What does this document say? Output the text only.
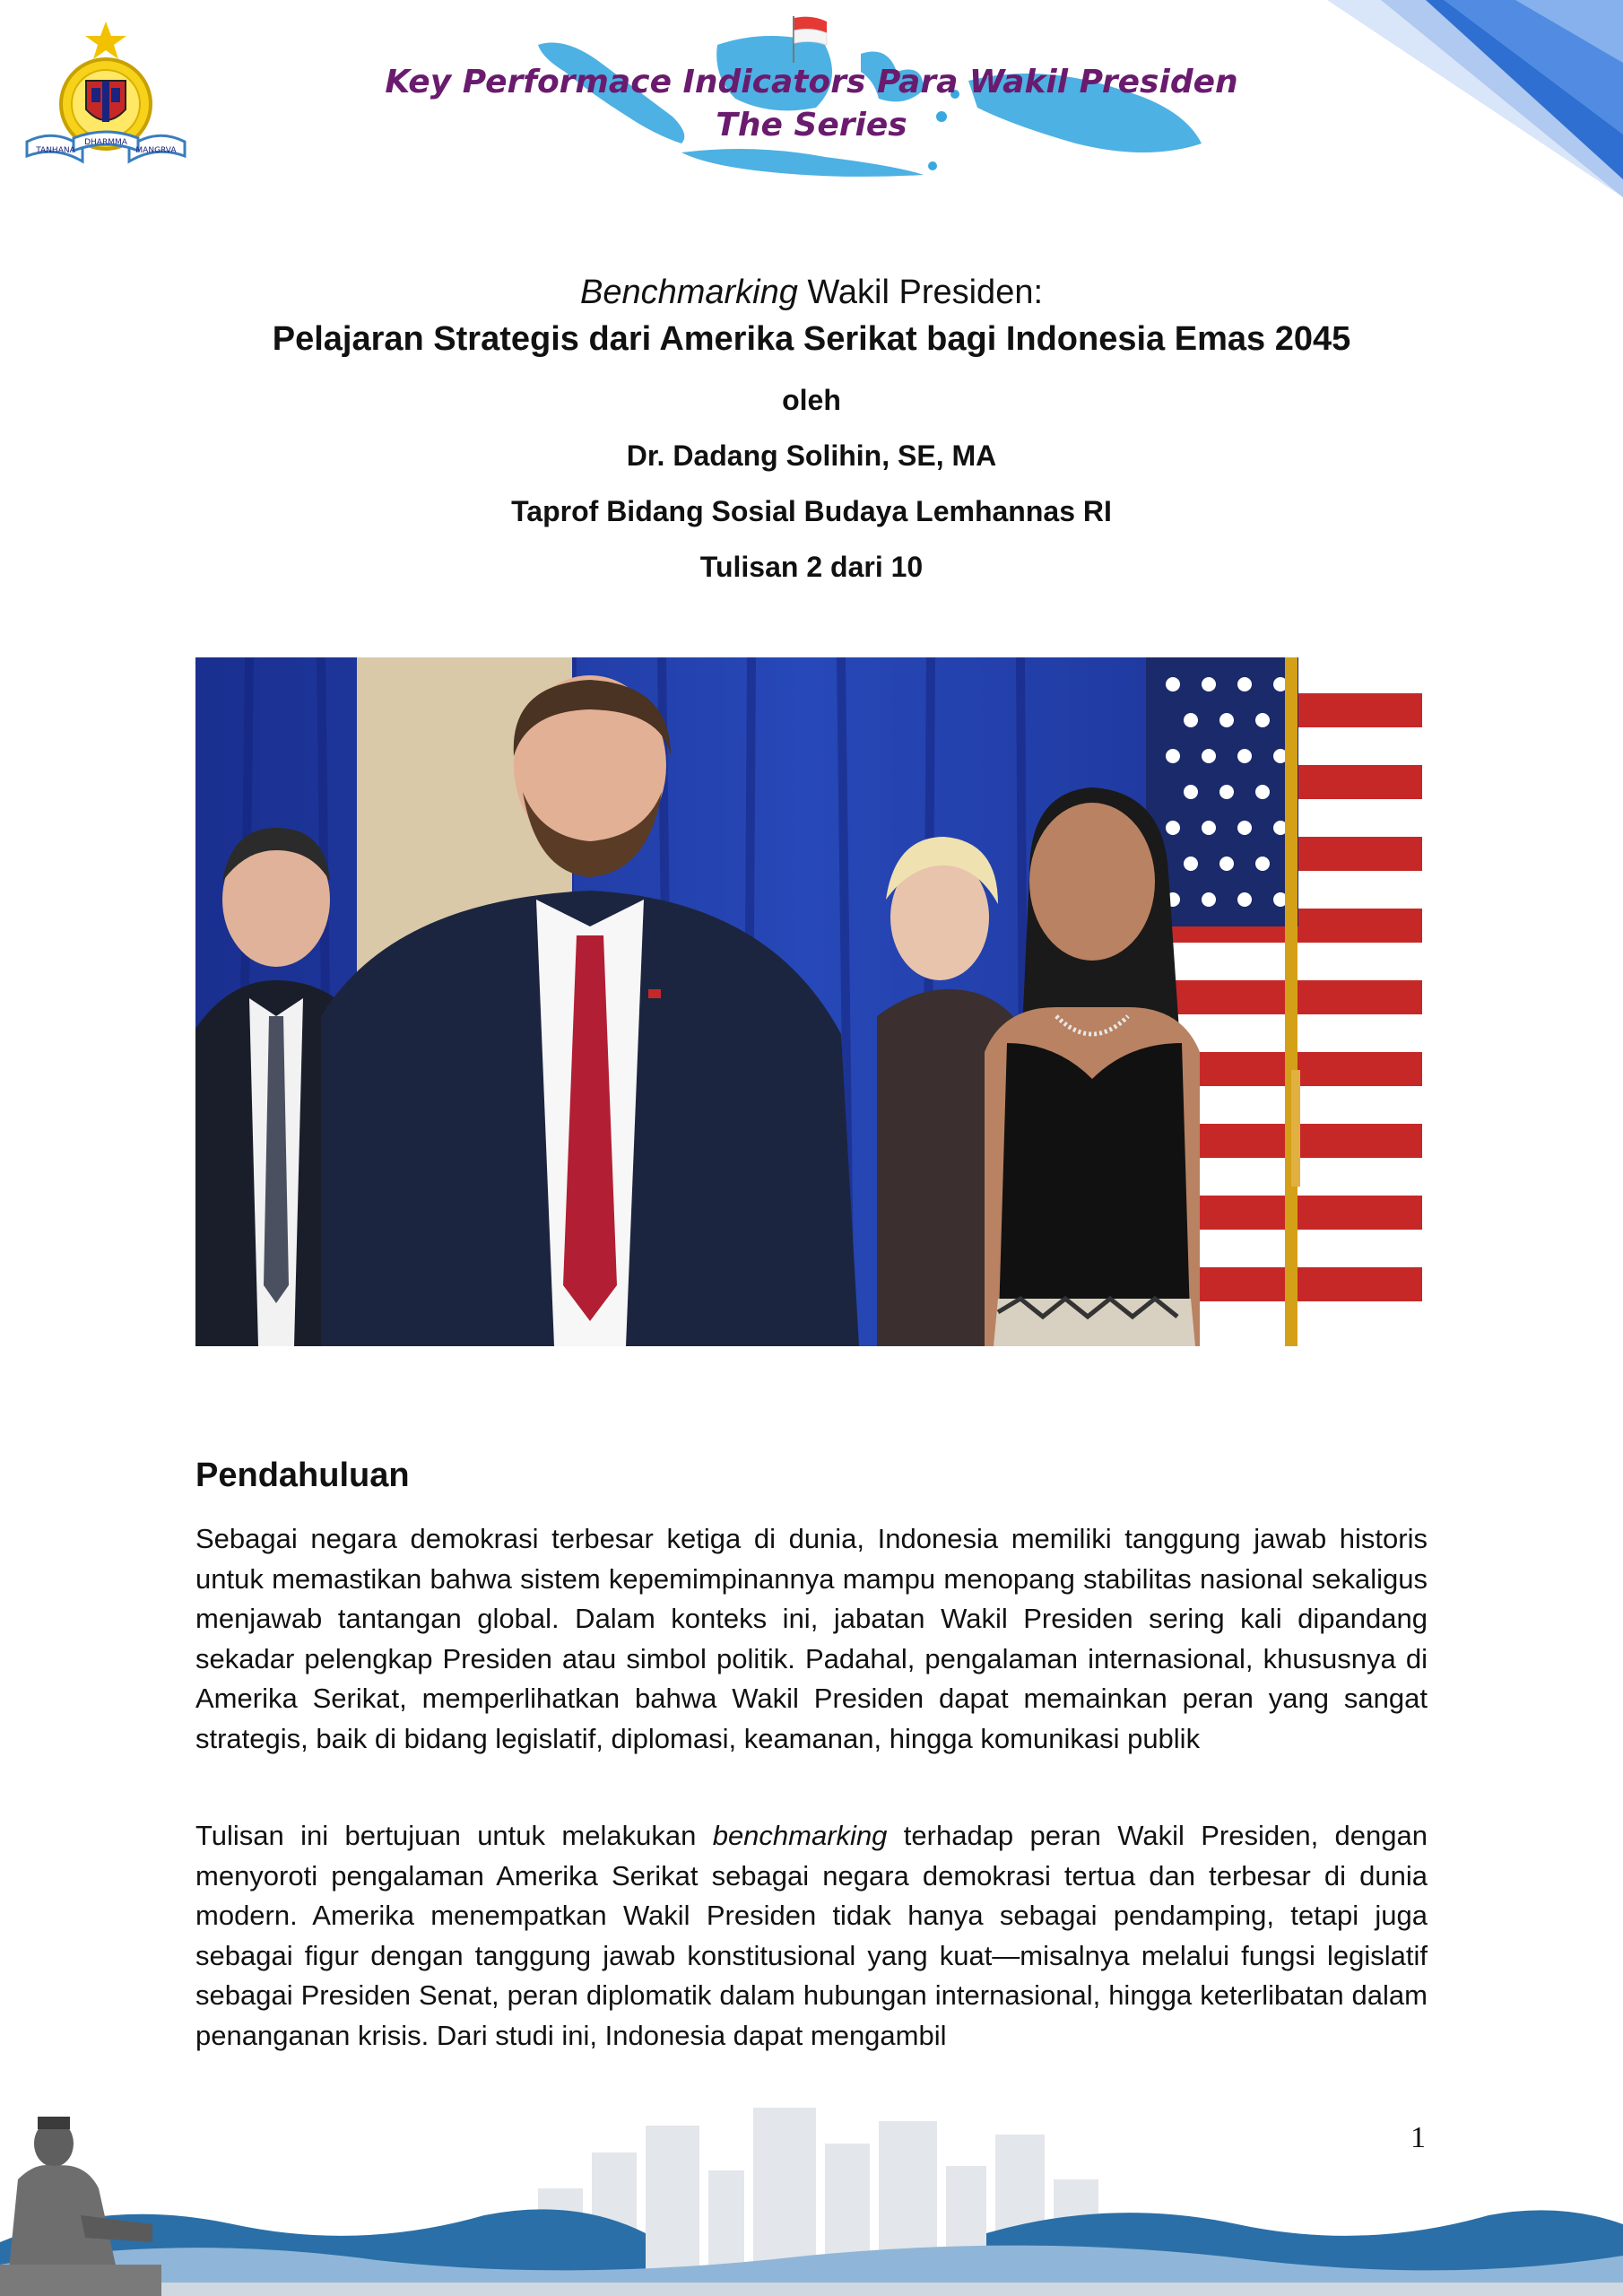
TANHANA
DHARMMA
MANGRVA
Key Performace Indicators Para Wakil Presiden
The Series
Benchmarking Wakil Presiden:
Pelajaran Strategis dari Amerika Serikat bagi Indonesia Emas 2045
oleh
Dr. Dadang Solihin, SE, MA
Taprof Bidang Sosial Budaya Lemhannas RI
Tulisan 2 dari 10
Pendahuluan

Sebagai negara demokrasi terbesar ketiga di dunia, Indonesia memiliki tanggung jawab historis untuk memastikan bahwa sistem kepemimpinannya mampu menopang stabilitas nasional sekaligus menjawab tantangan global. Dalam konteks ini, jabatan Wakil Presiden sering kali dipandang sekadar pelengkap Presiden atau simbol politik. Padahal, pengalaman internasional, khususnya di Amerika Serikat, memperlihatkan bahwa Wakil Presiden dapat memainkan peran yang sangat strategis, baik di bidang legislatif, diplomasi, keamanan, hingga komunikasi publik

Tulisan ini bertujuan untuk melakukan benchmarking terhadap peran Wakil Presiden, dengan menyoroti pengalaman Amerika Serikat sebagai negara demokrasi tertua dan terbesar di dunia modern. Amerika menempatkan Wakil Presiden tidak hanya sebagai pendamping, tetapi juga sebagai figur dengan tanggung jawab konstitusional yang kuat—misalnya melalui fungsi legislatif sebagai Presiden Senat, peran diplomatik dalam hubungan internasional, hingga keterlibatan dalam penanganan krisis. Dari studi ini, Indonesia dapat mengambil

1
